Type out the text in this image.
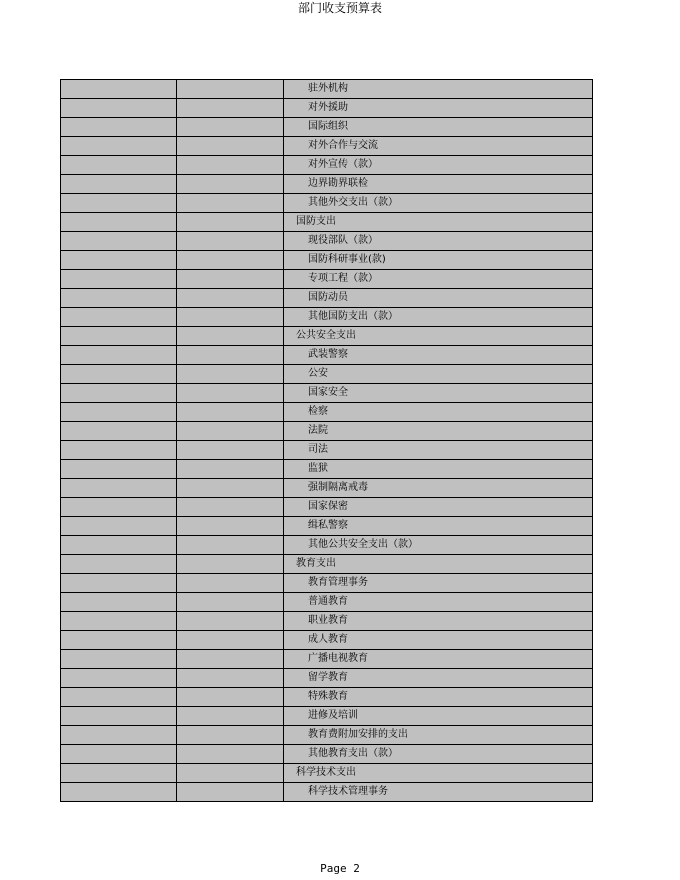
部门收支预算表
		驻外机构
		对外援助
		国际组织
		对外合作与交流
		对外宣传（款）
		边界勘界联检
		其他外交支出（款）
		国防支出
		现役部队（款）
		国防科研事业(款)
		专项工程（款）
		国防动员
		其他国防支出（款）
		公共安全支出
		武装警察
		公安
		国家安全
		检察
		法院
		司法
		监狱
		强制隔离戒毒
		国家保密
		缉私警察
		其他公共安全支出（款）
		教育支出
		教育管理事务
		普通教育
		职业教育
		成人教育
		广播电视教育
		留学教育
		特殊教育
		进修及培训
		教育费附加安排的支出
		其他教育支出（款）
		科学技术支出
		科学技术管理事务
Page 2
